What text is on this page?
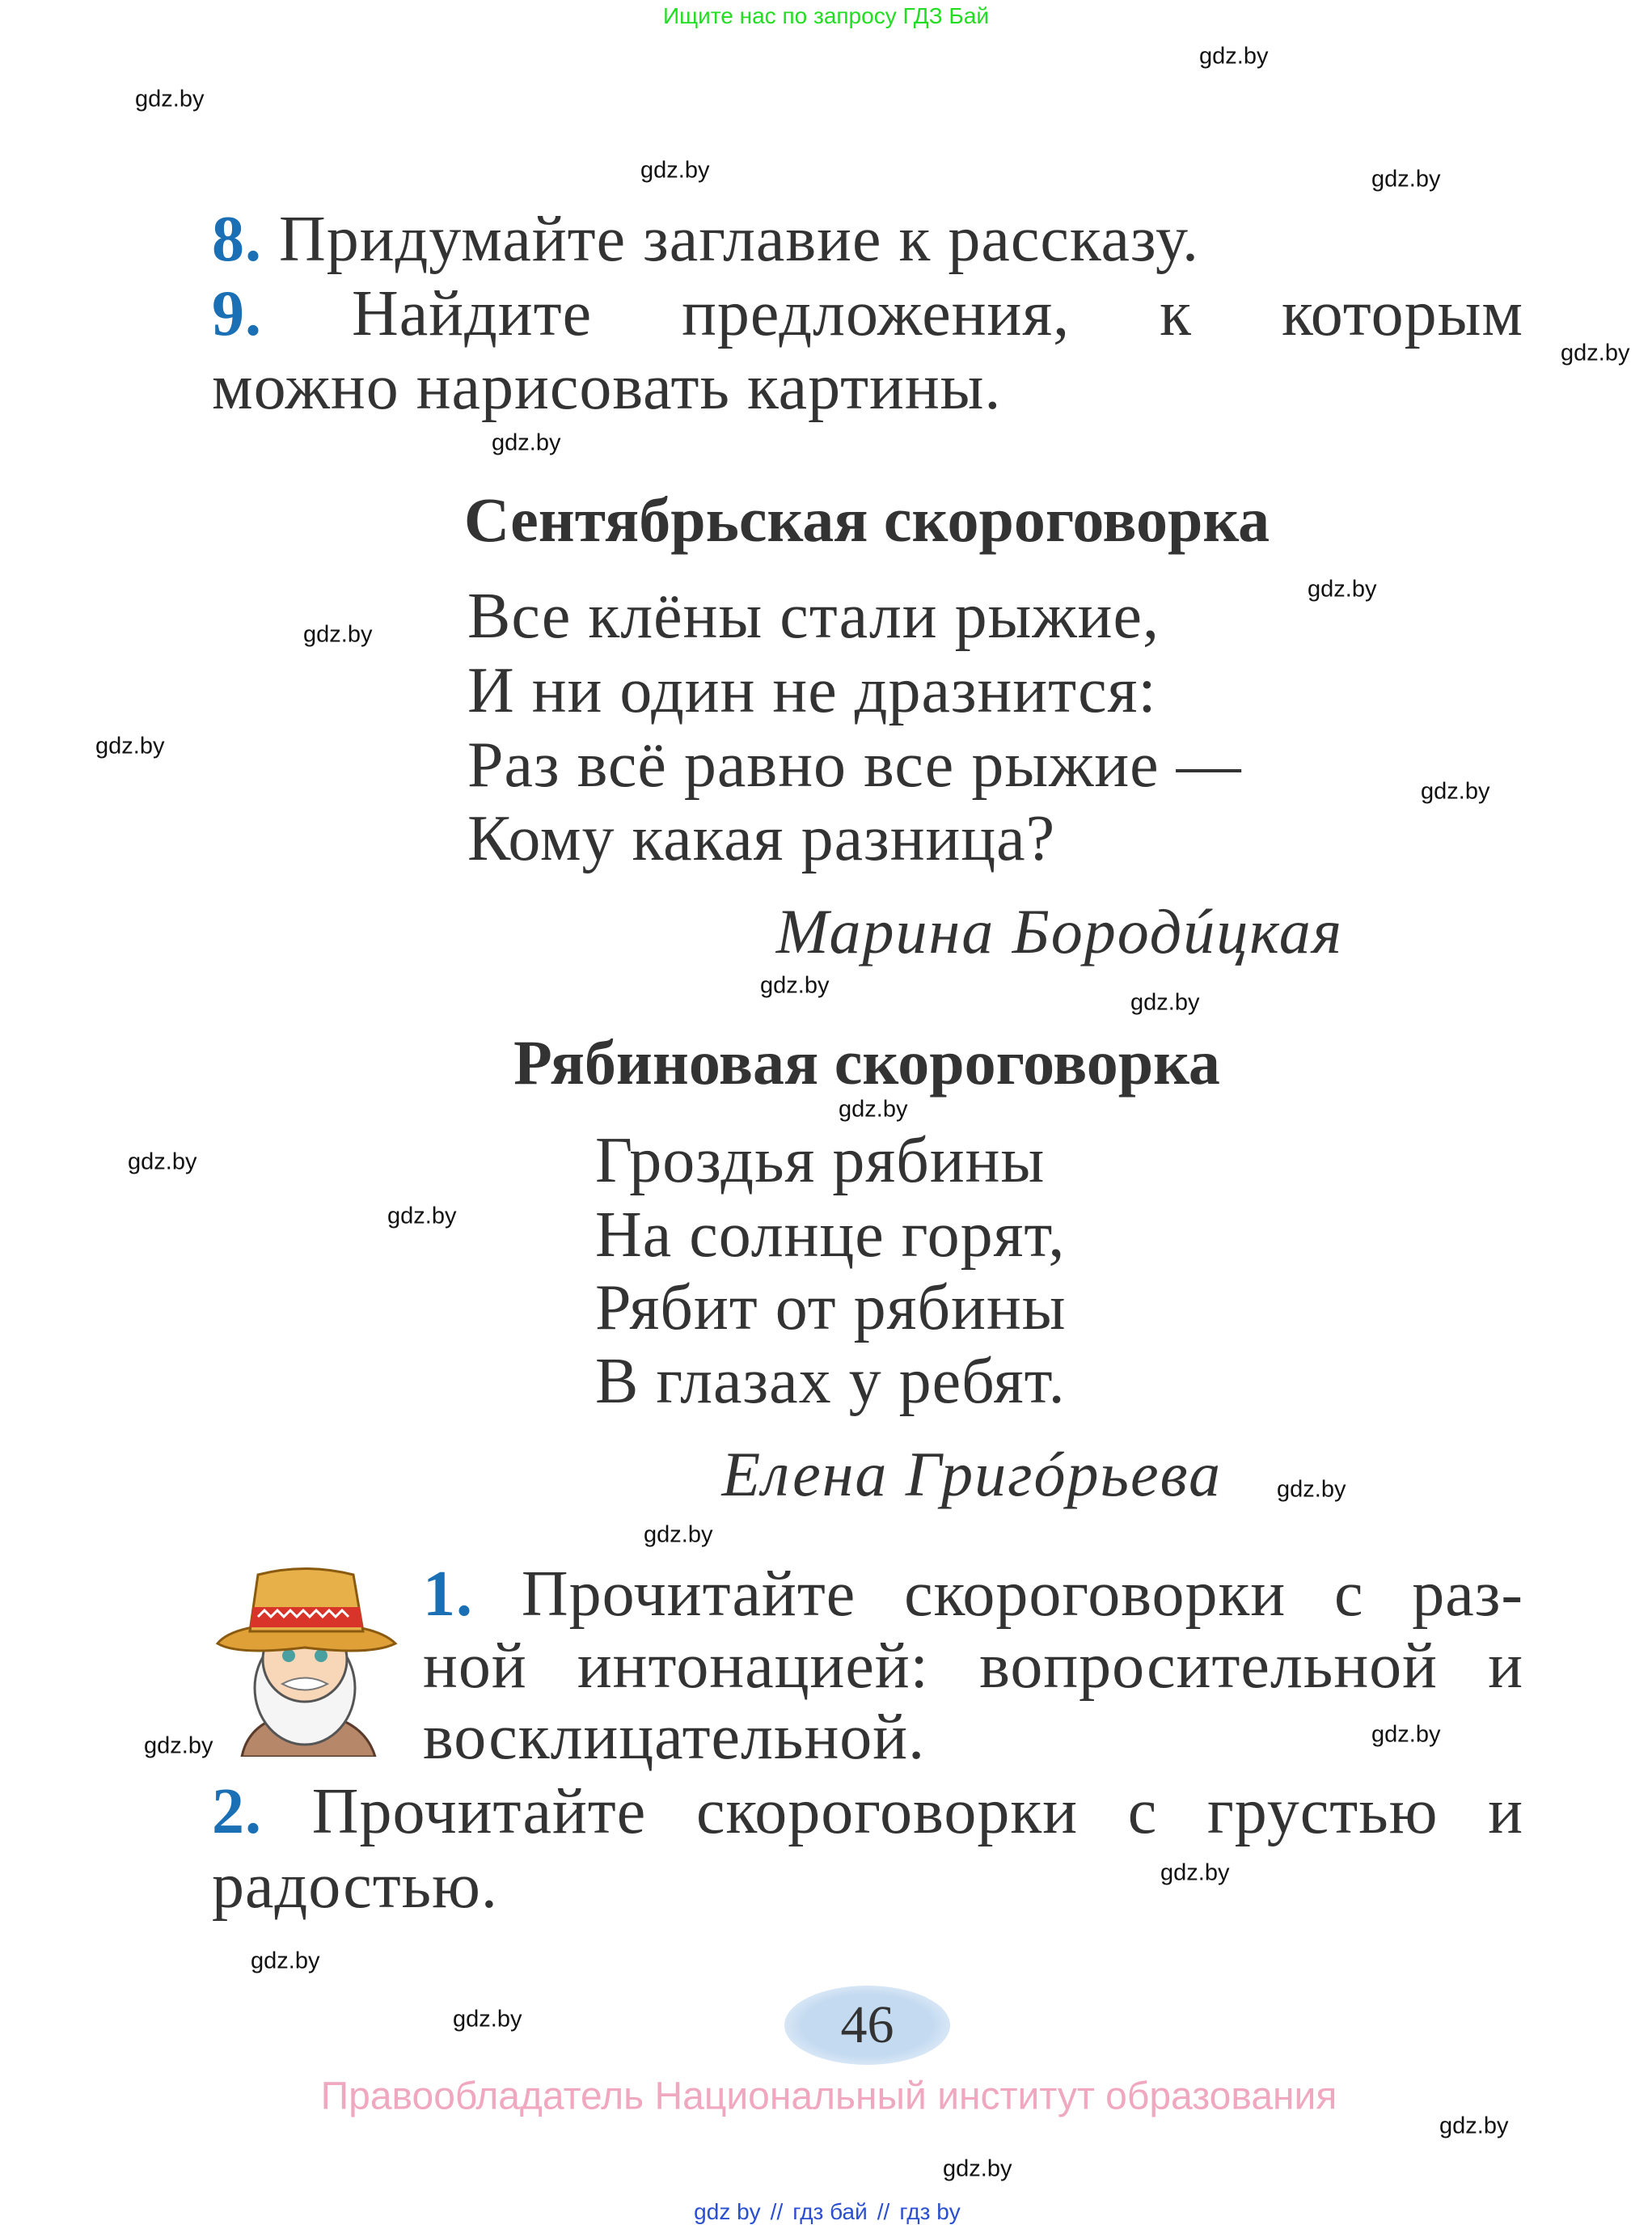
Ищите нас по запросу ГДЗ Бай
gdz.by
gdz.by
gdz.by	gdz.by
gdz.by
gdz.by
gdz.by
gdz.by
gdz.by
gdz.by
gdz.by
gdz.by
gdz.by
gdz.by
gdz.by
gdz.by
gdz.by
gdz.by
gdz.by
gdz.by
gdz.by
gdz.by
gdz.by
gdz.by
8. Придумайте заглавие к рассказу.
9. Найдите предложения, к которым
можно нарисовать картины.
Сентябрьская скороговорка
Все клёны стали рыжие,
И ни один не дразнится:
Раз всё равно все рыжие —
Кому какая разница?
Марина Бородúцкая
Рябиновая скороговорка
Гроздья рябины
На солнце горят,
Рябит от рябины
В глазах у ребят.
Елена Григóрьева
1. Прочитайте скороговорки с раз-
ной интонацией: вопросительной и
восклицательной.
2. Прочитайте скороговорки с грустью и
радостью.
46
Правообладатель Национальный институт образования
gdz by // гдз бай // гдз by
